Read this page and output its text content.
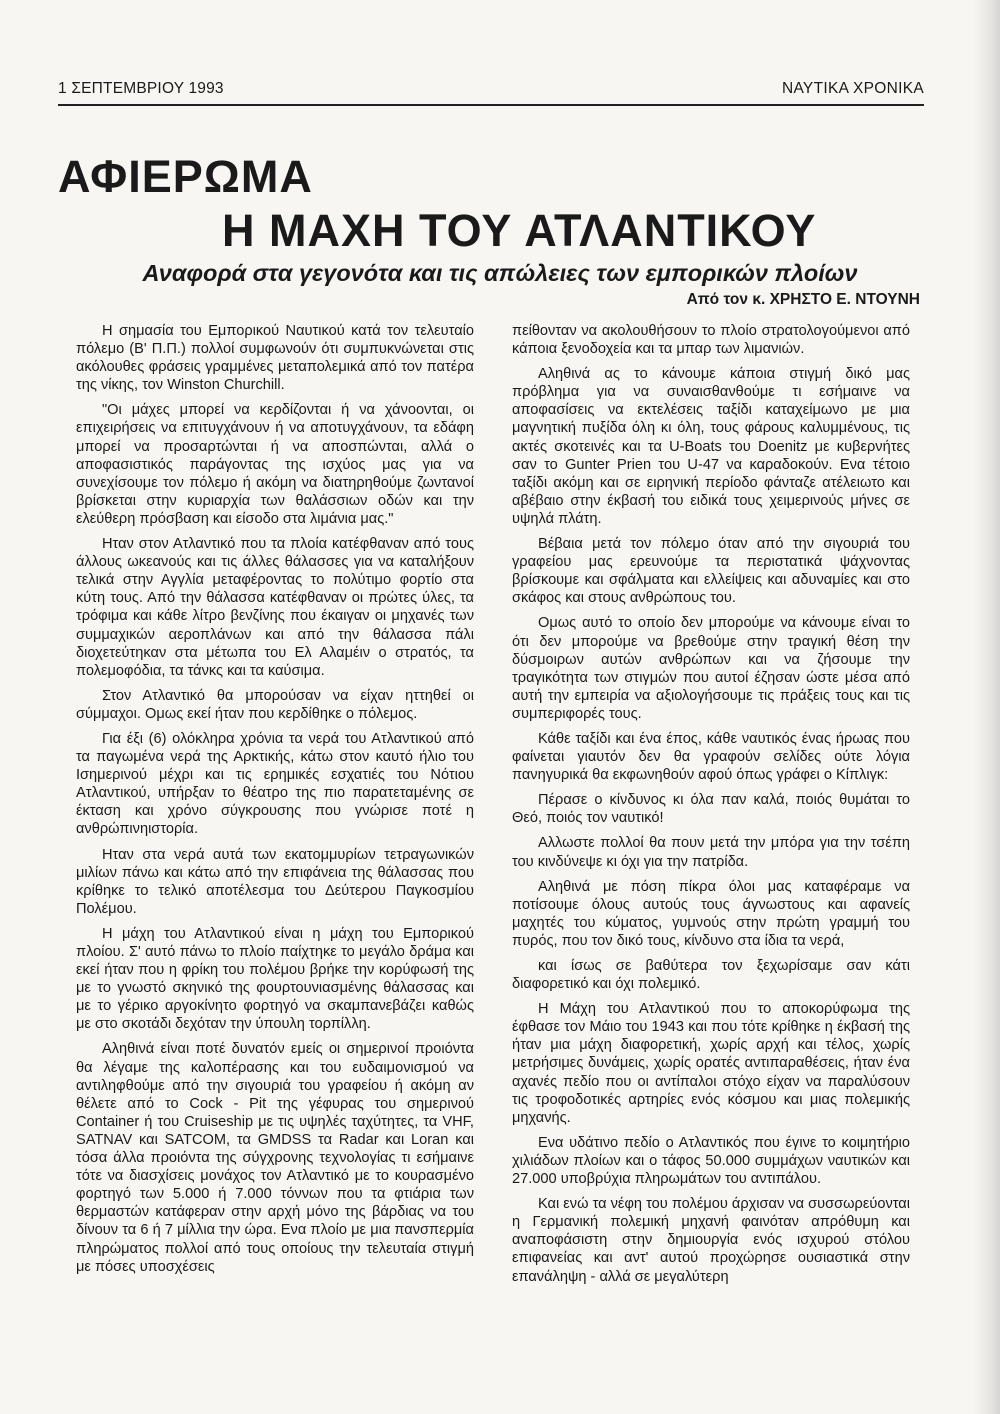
1 ΣΕΠΤΕΜΒΡΙΟΥ 1993	ΝΑΥΤΙΚΑ ΧΡΟΝΙΚΑ
ΑΦΙΕΡΩΜΑ
Η ΜΑΧΗ ΤΟΥ ΑΤΛΑΝΤΙΚΟΥ
Αναφορά στα γεγονότα και τις απώλειες των εμπορικών πλοίων
Από τον κ. ΧΡΗΣΤΟ Ε. ΝΤΟΥΝΗ

Η σημασία του Εμπορικού Ναυτικού κατά τον τελευταίο πόλεμο (Β' Π.Π.) πολλοί συμφωνούν ότι συμπυκνώνεται στις ακόλουθες φράσεις γραμμένες μεταπολεμικά από τον πατέρα της νίκης, τον Winston Churchill.

"Οι μάχες μπορεί να κερδίζονται ή να χάνοονται, οι επιχειρήσεις να επιτυγχάνουν ή να αποτυγχάνουν, τα εδάφη μπορεί να προσαρτώνται ή να αποσπώνται, αλλά ο αποφασιστικός παράγοντας της ισχύος μας για να συνεχίσουμε τον πόλεμο ή ακόμη να διατηρηθούμε ζωντανοί βρίσκεται στην κυριαρχία των θαλάσσιων οδών και την ελεύθερη πρόσβαση και είσοδο στα λιμάνια μας."

Ηταν στον Ατλαντικό που τα πλοία κατέφθαναν από τους άλλους ωκεανούς και τις άλλες θάλασσες για να καταλήξουν τελικά στην Αγγλία μεταφέροντας το πολύτιμο φορτίο στα κύτη τους. Από την θάλασσα κατέφθαναν οι πρώτες ύλες, τα τρόφιμα και κάθε λίτρο βενζίνης που έκαιγαν οι μηχανές των συμμαχικών αεροπλάνων και από την θάλασσα πάλι διοχετεύτηκαν στα μέτωπα του Ελ Αλαμέιν ο στρατός, τα πολεμοφόδια, τα τάνκς και τα καύσιμα.

Στον Ατλαντικό θα μπορούσαν να είχαν ηττηθεί οι σύμμαχοι. Ομως εκεί ήταν που κερδίθηκε ο πόλεμος.

Για έξι (6) ολόκληρα χρόνια τα νερά του Ατλαντικού από τα παγωμένα νερά της Αρκτικής, κάτω στον καυτό ήλιο του Ισημερινού μέχρι και τις ερημικές εσχατιές του Νότιου Ατλαντικού, υπήρξαν το θέατρο της πιο παρατεταμένης σε έκταση και χρόνο σύγκρουσης που γνώρισε ποτέ η ανθρώπινηιστορία.

Ηταν στα νερά αυτά των εκατομμυρίων τετραγωνικών μιλίων πάνω και κάτω από την επιφάνεια της θάλασσας που κρίθηκε το τελικό αποτέλεσμα του Δεύτερου Παγκοσμίου Πολέμου.

Η μάχη του Ατλαντικού είναι η μάχη του Εμπορικού πλοίου. Σ' αυτό πάνω το πλοίο παίχτηκε το μεγάλο δράμα και εκεί ήταν που η φρίκη του πολέμου βρήκε την κορύφωσή της με το γνωστό σκηνικό της φουρτουνιασμένης θάλασσας και με το γέρικο αργοκίνητο φορτηγό να σκαμπανεβάζει καθώς με στο σκοτάδι δεχόταν την ύπουλη τορπίλλη.

Αληθινά είναι ποτέ δυνατόν εμείς οι σημερινοί προιόντα θα λέγαμε της καλοπέρασης και του ευδαιμονισμού να αντιληφθούμε από την σιγουριά του γραφείου ή ακόμη αν θέλετε από το Cock - Pit της γέφυρας του σημερινού Container ή του Cruiseship με τις υψηλές ταχύτητες, τα VHF, SATNAV και SATCOM, τα GMDSS τα Radar και Loran και τόσα άλλα προιόντα της σύγχρονης τεχνολογίας τι εσήμαινε τότε να διασχίσεις μονάχος τον Ατλαντικό με το κουρασμένο φορτηγό των 5.000 ή 7.000 τόννων που τα φτιάρια των θερμαστών κατάφεραν στην αρχή μόνο της βάρδιας να του δίνουν τα 6 ή 7 μίλλια την ώρα. Ενα πλοίο με μια πανσπερμία πληρώματος πολλοί από τους οποίους την τελευταία στιγμή με πόσες υποσχέσεις

πείθονταν να ακολουθήσουν το πλοίο στρατολογούμενοι από κάποια ξενοδοχεία και τα μπαρ των λιμανιών.

Αληθινά ας το κάνουμε κάποια στιγμή δικό μας πρόβλημα για να συναισθανθούμε τι εσήμαινε να αποφασίσεις να εκτελέσεις ταξίδι καταχείμωνο με μια μαγνητική πυξίδα όλη κι όλη, τους φάρους καλυμμένους, τις ακτές σκοτεινές και τα U-Boats του Doenitz με κυβερνήτες σαν το Gunter Prien του U-47 να καραδοκούν. Ενα τέτοιο ταξίδι ακόμη και σε ειρηνική περίοδο φάνταζε ατέλειωτο και αβέβαιο στην έκβασή του ειδικά τους χειμερινούς μήνες σε υψηλά πλάτη.

Βέβαια μετά τον πόλεμο όταν από την σιγουριά του γραφείου μας ερευνούμε τα περιστατικά ψάχνοντας βρίσκουμε και σφάλματα και ελλείψεις και αδυναμίες και στο σκάφος και στους ανθρώπους του.

Ομως αυτό το οποίο δεν μπορούμε να κάνουμε είναι το ότι δεν μπορούμε να βρεθούμε στην τραγική θέση την δύσμοιρων αυτών ανθρώπων και να ζήσουμε την τραγικότητα των στιγμών που αυτοί έζησαν ώστε μέσα από αυτή την εμπειρία να αξιολογήσουμε τις πράξεις τους και τις συμπεριφορές τους.

Κάθε ταξίδι και ένα έπος, κάθε ναυτικός ένας ήρωας που φαίνεται γιαυτόν δεν θα γραφούν σελίδες ούτε λόγια πανηγυρικά θα εκφωνηθούν αφού όπως γράφει ο Κίπλιγκ:

Πέρασε ο κίνδυνος κι όλα παν καλά, ποιός θυμάται το Θεό, ποιός τον ναυτικό!

Αλλωστε πολλοί θα πουν μετά την μπόρα για την τσέπη του κινδύνεψε κι όχι για την πατρίδα.

Αληθινά με πόση πίκρα όλοι μας καταφέραμε να ποτίσουμε όλους αυτούς τους άγνωστους και αφανείς μαχητές του κύματος, γυμνούς στην πρώτη γραμμή του πυρός, που τον δικό τους, κίνδυνο στα ίδια τα νερά,

και ίσως σε βαθύτερα τον ξεχωρίσαμε σαν κάτι διαφορετικό και όχι πολεμικό.

Η Μάχη του Ατλαντικού που το αποκορύφωμα της έφθασε τον Μάιο του 1943 και που τότε κρίθηκε η έκβασή της ήταν μια μάχη διαφορετική, χωρίς αρχή και τέλος, χωρίς μετρήσιμες δυνάμεις, χωρίς ορατές αντιπαραθέσεις, ήταν ένα αχανές πεδίο που οι αντίπαλοι στόχο είχαν να παραλύσουν τις τροφοδοτικές αρτηρίες ενός κόσμου και μιας πολεμικής μηχανής.

Ενα υδάτινο πεδίο ο Ατλαντικός που έγινε το κοιμητήριο χιλιάδων πλοίων και ο τάφος 50.000 συμμάχων ναυτικών και 27.000 υποβρύχια πληρωμάτων του αντιπάλου.

Και ενώ τα νέφη του πολέμου άρχισαν να συσσωρεύονται η Γερμανική πολεμική μηχανή φαινόταν απρόθυμη και αναποφάσιστη στην δημιουργία ενός ισχυρού στόλου επιφανείας και αντ' αυτού προχώρησε ουσιαστικά στην επανάληψη - αλλά σε μεγαλύτερη
